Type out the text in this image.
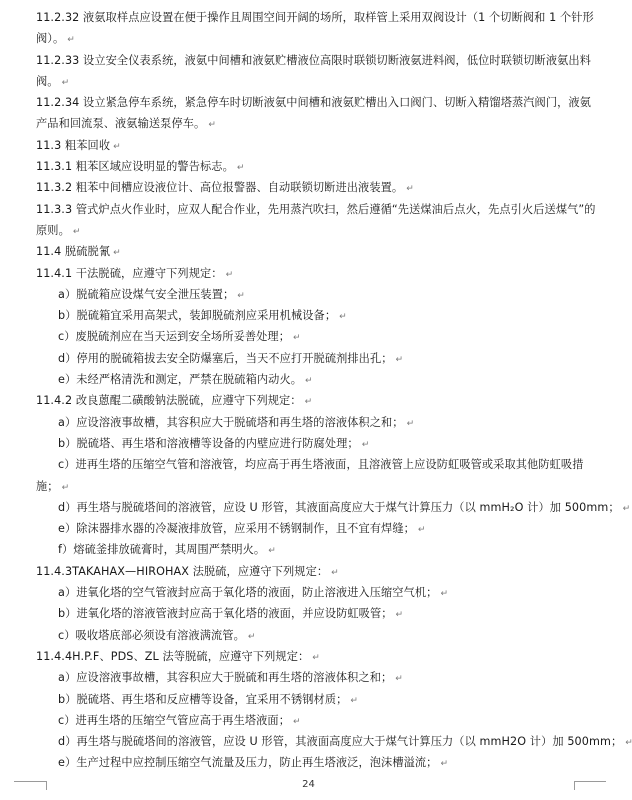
11.2.32 液氨取样点应设置在便于操作且周围空间开阔的场所，取样管上采用双阀设计（1 个切断阀和 1 个针形
阀）。 ↵
11.2.33 设立安全仪表系统，液氨中间槽和液氨贮槽液位高限时联锁切断液氨进料阀，低位时联锁切断液氨出料
阀。 ↵
11.2.34 设立紧急停车系统，紧急停车时切断液氨中间槽和液氨贮槽出入口阀门、切断入精馏塔蒸汽阀门，液氨
产品和回流泵、液氨输送泵停车。 ↵
11.3 粗苯回收 ↵
11.3.1 粗苯区域应设明显的警告标志。 ↵
11.3.2 粗苯中间槽应设液位计、高位报警器、自动联锁切断进出液装置。 ↵
11.3.3 管式炉点火作业时，应双人配合作业，先用蒸汽吹扫，然后遵循“先送煤油后点火，先点引火后送煤气”的
原则。 ↵
11.4 脱硫脱氰 ↵
11.4.1 干法脱硫，应遵守下列规定： ↵
a）脱硫箱应设煤气安全泄压装置； ↵
b）脱硫箱宜采用高架式，装卸脱硫剂应采用机械设备； ↵
c）废脱硫剂应在当天运到安全场所妥善处理； ↵
d）停用的脱硫箱拔去安全防爆塞后，当天不应打开脱硫剂排出孔； ↵
e）未经严格清洗和测定，严禁在脱硫箱内动火。 ↵
11.4.2 改良蒽醌二磺酸钠法脱硫，应遵守下列规定： ↵
a）应设溶液事故槽，其容积应大于脱硫塔和再生塔的溶液体积之和； ↵
b）脱硫塔、再生塔和溶液槽等设备的内壁应进行防腐处理； ↵
c）进再生塔的压缩空气管和溶液管，均应高于再生塔液面，且溶液管上应设防虹吸管或采取其他防虹吸措
施； ↵
d）再生塔与脱硫塔间的溶液管，应设 U 形管，其液面高度应大于煤气计算压力（以 mmH₂O 计）加 500mm； ↵
e）除沫器排水器的冷凝液排放管，应采用不锈钢制作，且不宜有焊缝； ↵
f）熔硫釜排放硫膏时，其周围严禁明火。 ↵
11.4.3TAKAHAX—HIROHAX 法脱硫，应遵守下列规定： ↵
a）进氧化塔的空气管液封应高于氧化塔的液面，防止溶液进入压缩空气机； ↵
b）进氧化塔的溶液管液封应高于氧化塔的液面，并应设防虹吸管； ↵
c）吸收塔底部必须设有溶液满流管。 ↵
11.4.4H.P.F、PDS、ZL 法等脱硫，应遵守下列规定： ↵
a）应设溶液事故槽，其容积应大于脱硫和再生塔的溶液体积之和； ↵
b）脱硫塔、再生塔和反应槽等设备，宜采用不锈钢材质； ↵
c）进再生塔的压缩空气管应高于再生塔液面； ↵
d）再生塔与脱硫塔间的溶液管，应设 U 形管，其液面高度应大于煤气计算压力（以 mmH2O 计）加 500mm； ↵
e）生产过程中应控制压缩空气流量及压力，防止再生塔液泛，泡沫槽溢流； ↵
24
